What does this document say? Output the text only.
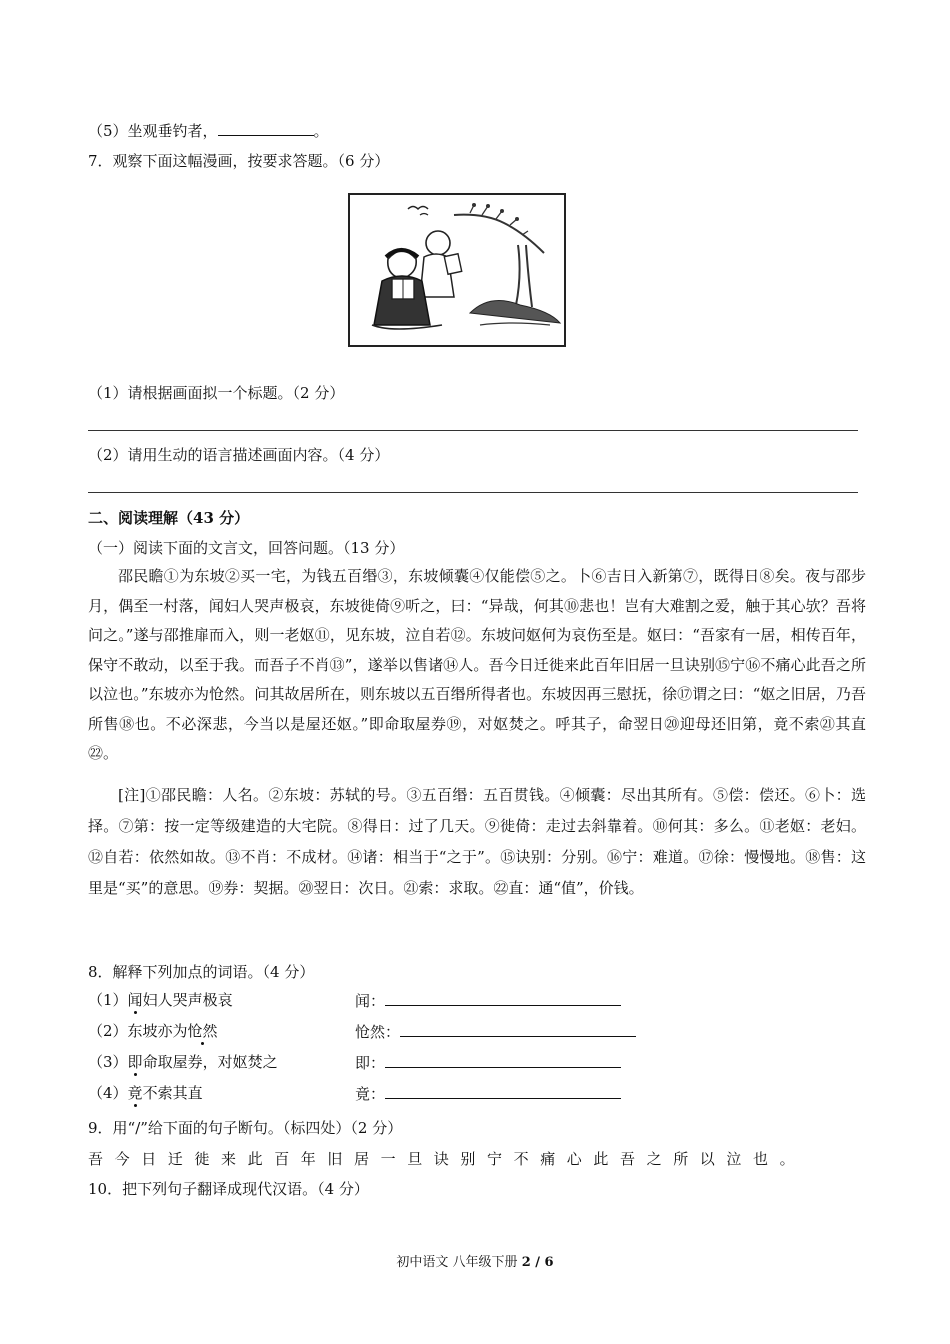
（5）坐观垂钓者，	。
7．观察下面这幅漫画，按要求答题。（6 分）
（1）请根据画面拟一个标题。（2 分）
（2）请用生动的语言描述画面内容。（4 分）
二、阅读理解（43 分）
（一）阅读下面的文言文，回答问题。（13 分）
邵民瞻①为东坡②买一宅，为钱五百缗③，东坡倾囊④仅能偿⑤之。卜⑥吉日入新第⑦，既得日⑧矣。夜与邵步月，偶至一村落，闻妇人哭声极哀，东坡徙倚⑨听之，曰：“异哉，何其⑩悲也！岂有大难割之爱，触于其心欤？吾将问之。”遂与邵推扉而入，则一老妪⑪，见东坡，泣自若⑫。东坡问妪何为哀伤至是。妪曰：“吾家有一居，相传百年，保守不敢动，以至于我。而吾子不肖⑬”，遂举以售诸⑭人。吾今日迁徙来此百年旧居一旦诀别⑮宁⑯不痛心此吾之所以泣也。”东坡亦为怆然。问其故居所在，则东坡以五百缗所得者也。东坡因再三慰抚，徐⑰谓之曰：“妪之旧居，乃吾所售⑱也。不必深悲，今当以是屋还妪。”即命取屋券⑲，对妪焚之。呼其子，命翌日⑳迎母还旧第，竟不索㉑其直㉒。
[注]①邵民瞻：人名。②东坡：苏轼的号。③五百缗：五百贯钱。④倾囊：尽出其所有。⑤偿：偿还。⑥卜：选择。⑦第：按一定等级建造的大宅院。⑧得日：过了几天。⑨徙倚：走过去斜靠着。⑩何其：多么。⑪老妪：老妇。⑫自若：依然如故。⑬不肖：不成材。⑭诸：相当于“之于”。⑮诀别：分别。⑯宁：难道。⑰徐：慢慢地。⑱售：这里是“买”的意思。⑲券：契据。⑳翌日：次日。㉑索：求取。㉒直：通“值”，价钱。
8．解释下列加点的词语。（4 分）
（1）闻妇人哭声极哀	闻：
（2）东坡亦为怆然	怆然：
（3）即命取屋券，对妪焚之	即：
（4）竟不索其直	竟：
9．用“/”给下面的句子断句。（标四处）（2 分）
吾今日迁徙来此百年旧居一旦诀别宁不痛心此吾之所以泣也。
10．把下列句子翻译成现代汉语。（4 分）
初中语文 八年级下册 2 / 6
